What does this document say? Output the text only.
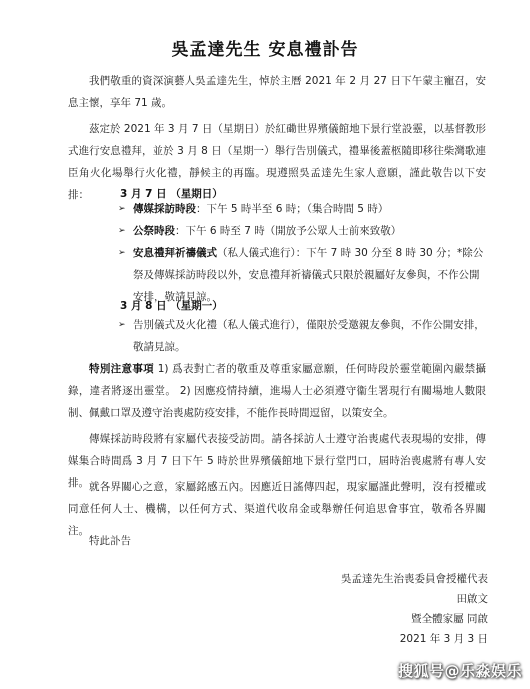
吳孟達先生 安息禮訃告
我們敬重的資深演藝人吳孟達先生，悼於主曆 2021 年 2 月 27 日下午蒙主寵召，安息主懷，享年 71 歲。
茲定於 2021 年 3 月 7 日（星期日）於紅磡世界殯儀館地下景行堂設靈，以基督教形式進行安息禮拜，並於 3 月 8 日（星期一）舉行告別儀式，禮畢後蓋柩隨即移往柴灣歌連臣角火化場舉行火化禮，靜候主的再臨。現遵照吳孟達先生家人意願，謹此敬告以下安排：	3 月 7 日 （星期日）
➢ 傳媒採訪時段：下午 5 時半至 6 時；（集合時間 5 時）
➢ 公祭時段：下午 6 時至 7 時（開放予公眾人士前來致敬）
➢ 安息禮拜祈禱儀式（私人儀式進行）：下午 7 時 30 分至 8 時 30 分；*除公祭及傳媒採訪時段以外，安息禮拜祈禱儀式只限於親屬好友參與，不作公開安排，敬請見諒。
3 月 8 日 （星期一）
➢ 告別儀式及火化禮（私人儀式進行），僅限於受邀親友參與，不作公開安排，敬請見諒。
特別注意事項 1) 爲表對亡者的敬重及尊重家屬意願，任何時段於靈堂範圍內嚴禁攝錄，違者將逐出靈堂。 2) 因應疫情持續，進場人士必須遵守衞生署現行有關場地人數限制、佩戴口罩及遵守治喪處防疫安排，不能作長時間逗留，以策安全。
傳媒採訪時段將有家屬代表接受訪問。請各採訪人士遵守治喪處代表現場的安排，傳媒集合時間爲 3 月 7 日下午 5 時於世界殯儀館地下景行堂門口，屆時治喪處將有專人安排。 就各界關心之意，家屬銘感五內。因應近日謠傳四起，現家屬謹此聲明，沒有授權或同意任何人士、機構，以任何方式、渠道代收帛金或舉辦任何追思會事宜，敬希各界關注。
特此訃告
吳孟達先生治喪委員會授權代表
田啟文
暨全體家屬 同啟
2021 年 3 月 3 日
搜狐号@乐淼娱乐
